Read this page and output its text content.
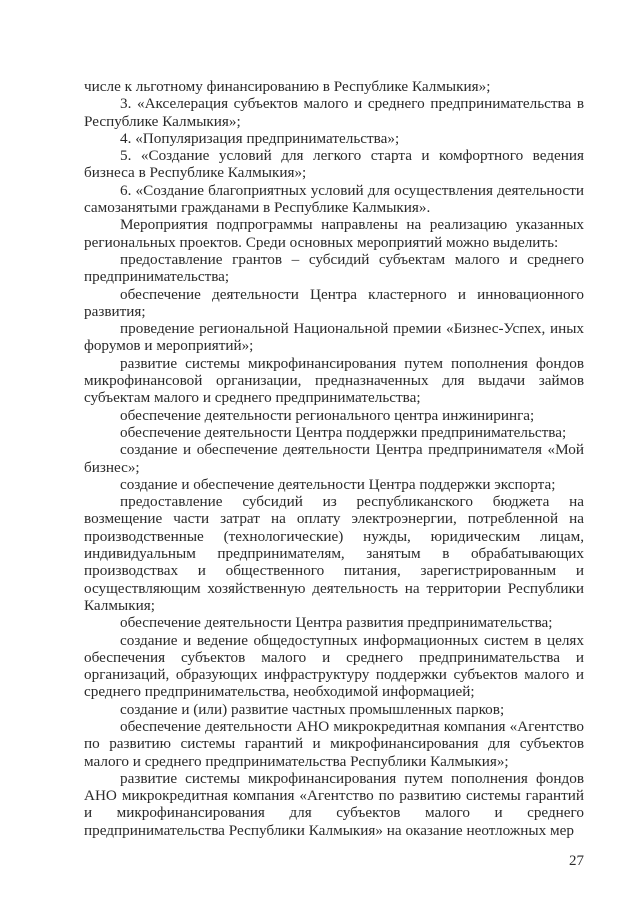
числе к льготному финансированию в Республике Калмыкия»;

3. «Акселерация субъектов малого и среднего предпринимательства в Республике Калмыкия»;

4. «Популяризация предпринимательства»;

5. «Создание условий для легкого старта и комфортного ведения бизнеса в Республике Калмыкия»;

6. «Создание благоприятных условий для осуществления деятельности самозанятыми гражданами в Республике Калмыкия».

Мероприятия подпрограммы направлены на реализацию указанных региональных проектов. Среди основных мероприятий можно выделить:

предоставление грантов – субсидий субъектам малого и среднего предпринимательства;

обеспечение деятельности Центра кластерного и инновационного развития;

проведение региональной Национальной премии «Бизнес-Успех, иных форумов и мероприятий»;

развитие системы микрофинансирования путем пополнения фондов микрофинансовой организации, предназначенных для выдачи займов субъектам малого и среднего предпринимательства;

обеспечение деятельности регионального центра инжиниринга;

обеспечение деятельности Центра поддержки предпринимательства;

создание и обеспечение деятельности Центра предпринимателя «Мой бизнес»;

создание и обеспечение деятельности Центра поддержки экспорта;

предоставление субсидий из республиканского бюджета на возмещение части затрат на оплату электроэнергии, потребленной на производственные (технологические) нужды, юридическим лицам, индивидуальным предпринимателям, занятым в обрабатывающих производствах и общественного питания, зарегистрированным и осуществляющим хозяйственную деятельность на территории Республики Калмыкия;

обеспечение деятельности Центра развития предпринимательства;

создание и ведение общедоступных информационных систем в целях обеспечения субъектов малого и среднего предпринимательства и организаций, образующих инфраструктуру поддержки субъектов малого и среднего предпринимательства, необходимой информацией;

создание и (или) развитие частных промышленных парков;

обеспечение деятельности АНО микрокредитная компания «Агентство по развитию системы гарантий и микрофинансирования для субъектов малого и среднего предпринимательства Республики Калмыкия»;

развитие системы микрофинансирования путем пополнения фондов АНО микрокредитная компания «Агентство по развитию системы гарантий и микрофинансирования для субъектов малого и среднего предпринимательства Республики Калмыкия» на оказание неотложных мер

27
